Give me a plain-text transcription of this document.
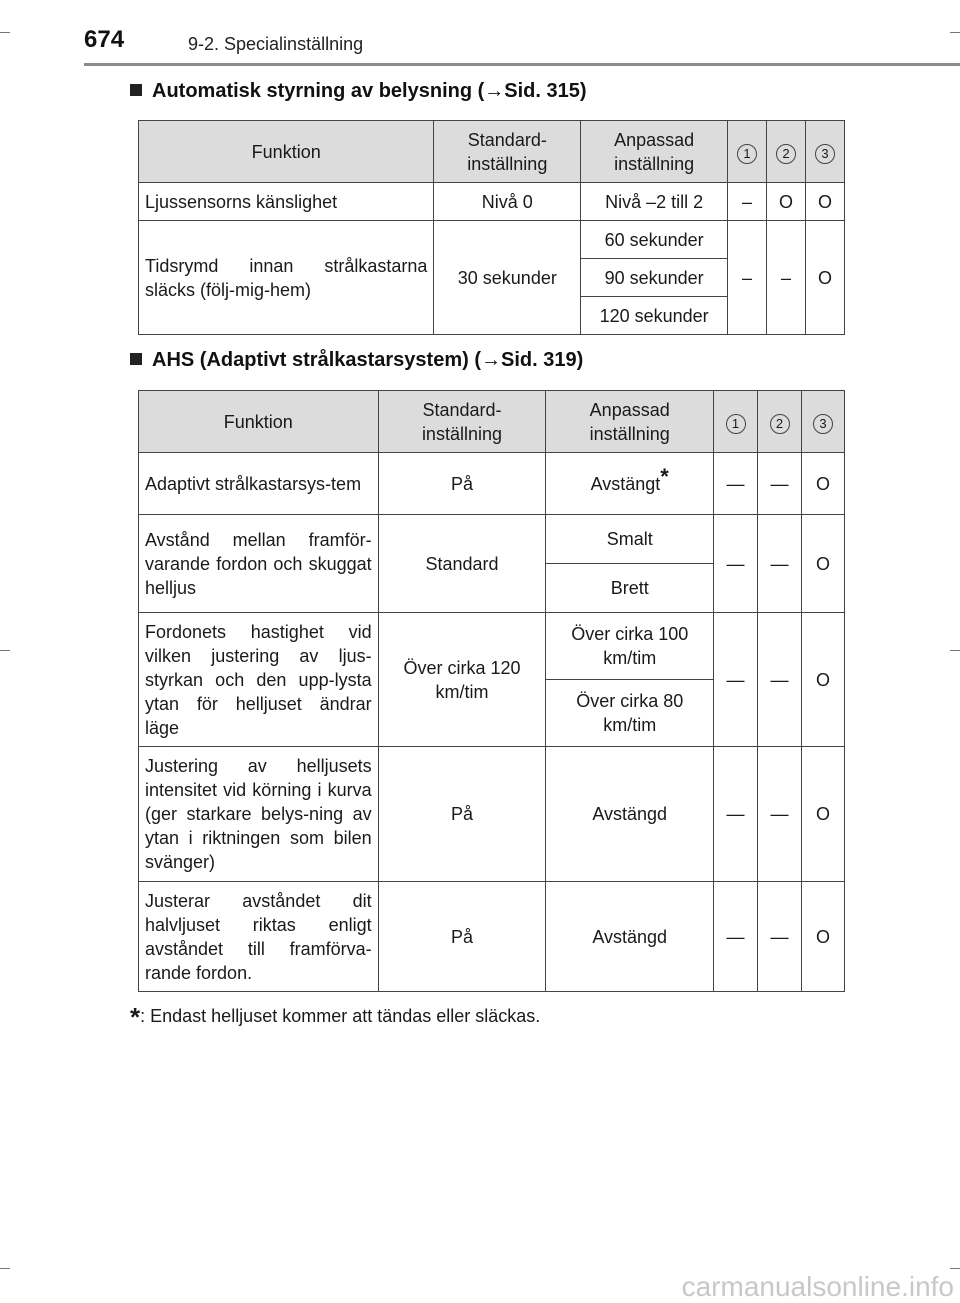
674	9-2. Specialinställning
Automatisk styrning av belysning (→Sid. 315)
Funktion	Standard-inställning	Anpassad inställning	1	2	3
Ljussensorns känslighet	Nivå 0	Nivå –2 till 2	–	O	O
Tidsrymd innan strålkastarna släcks (följ-mig-hem)	30 sekunder	60 sekunder	–	–	O
		90 sekunder			
		120 sekunder			
AHS (Adaptivt strålkastarsystem) (→Sid. 319)
Funktion	Standard-inställning	Anpassad inställning	1	2	3
Adaptivt strålkastarsys-tem	På	Avstängt*	—	—	O
Avstånd mellan framför-varande fordon och skuggat helljus	Standard	Smalt	—	—	O
		Brett			
Fordonets hastighet vid vilken justering av ljus-styrkan och den upp-lysta ytan för helljuset ändrar läge	Över cirka 120 km/tim	Över cirka 100 km/tim	—	—	O
		Över cirka 80 km/tim			
Justering av helljusets intensitet vid körning i kurva (ger starkare belys-ning av ytan i riktningen som bilen svänger)	På	Avstängd	—	—	O
Justerar avståndet dit halvljuset riktas enligt avståndet till framförva-rande fordon.	På	Avstängd	—	—	O
*: Endast helljuset kommer att tändas eller släckas.
carmanualsonline.info
